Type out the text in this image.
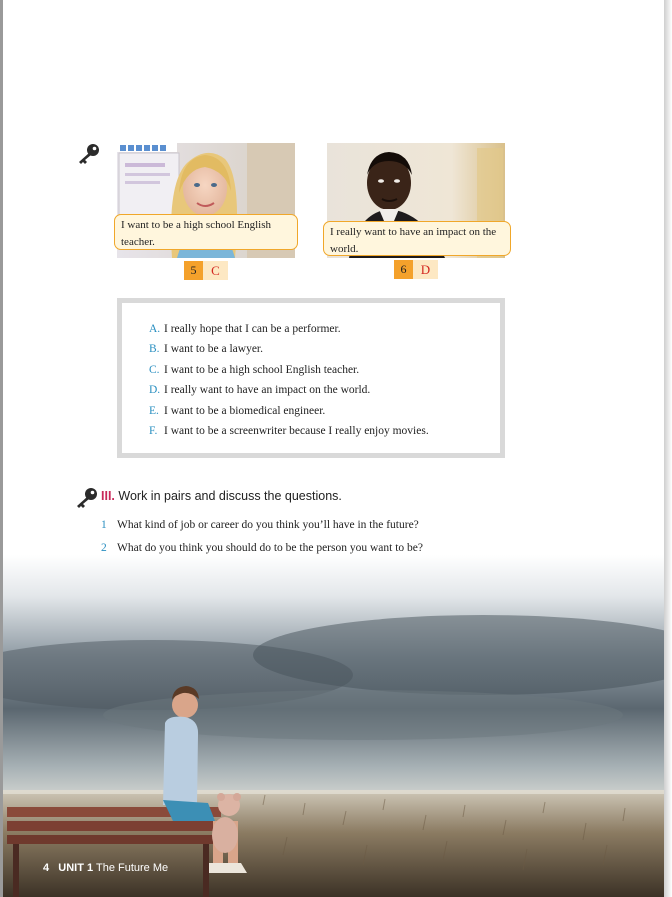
I want to be a high school English teacher.
5	C
I really want to have an impact on the world.
6	D
A. I really hope that I can be a performer.
B. I want to be a lawyer.
C. I want to be a high school English teacher.
D. I really want to have an impact on the world.
E. I want to be a biomedical engineer.
F. I want to be a screenwriter because I really enjoy movies.
III. Work in pairs and discuss the questions.
1 What kind of job or career do you think you’ll have in the future?
2 What do you think you should do to be the person you want to be?
4 UNIT 1 The Future Me
